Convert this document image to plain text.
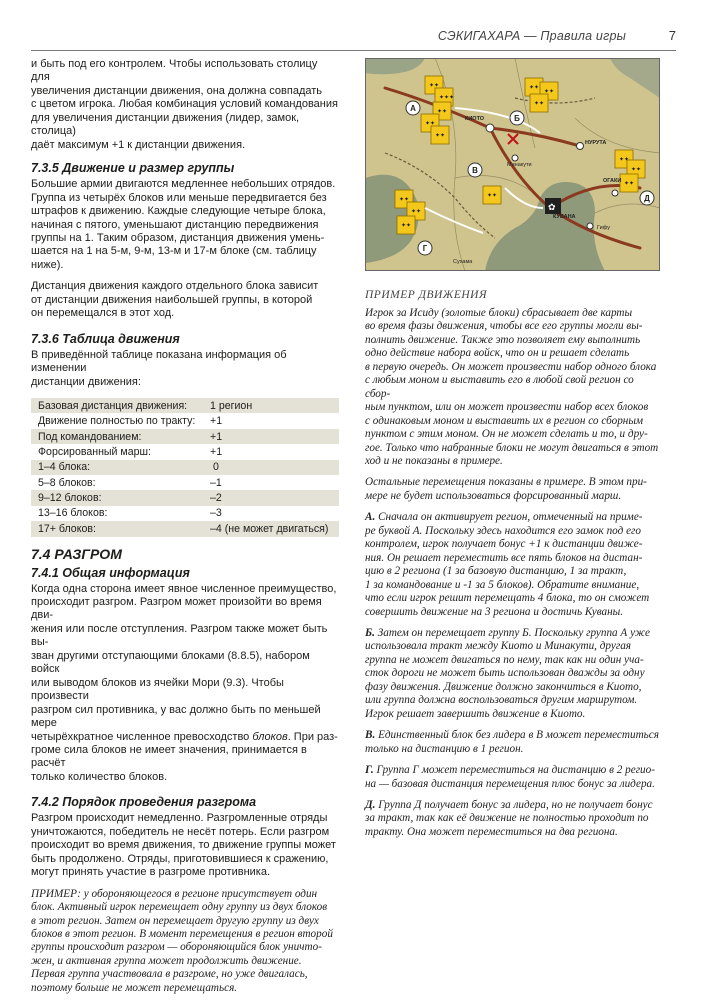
СЭКИГАХАРА — Правила игры	7

и быть под его контролем. Чтобы использовать столицу для
увеличения дистанции движения, она должна совпадать
с цветом игрока. Любая комбинация условий командования
для увеличения дистанции движения (лидер, замок, столица)
даёт максимум +1 к дистанции движения.

7.3.5 Движение и размер группы

Большие армии двигаются медленнее небольших отрядов.
Группа из четырёх блоков или меньше передвигается без
штрафов к движению. Каждые следующие четыре блока,
начиная с пятого, уменьшают дистанцию передвижения
группы на 1. Таким образом, дистанция движения умень-
шается на 1 на 5-м, 9-м, 13-м и 17-м блоке (см. таблицу
ниже).

Дистанция движения каждого отдельного блока зависит
от дистанции движения наибольшей группы, в которой
он перемещался в этот ход.

7.3.6 Таблица движения

В приведённой таблице показана информация об изменении
дистанции движения:

Базовая дистанция движения:	1 регион
Движение полностью по тракту:	+1
Под командованием:	+1
Форсированный марш:	+1
1–4 блока:	0
5–8 блоков:	–1
9–12 блоков:	–2
13–16 блоков:	–3
17+ блоков:	–4 (не может двигаться)
7.4 РАЗГРОМ
7.4.1 Общая информация

Когда одна сторона имеет явное численное преимущество,
происходит разгром. Разгром может произойти во время дви-
жения или после отступления. Разгром также может быть вы-
зван другими отступающими блоками (8.8.5), набором войск
или выводом блоков из ячейки Мори (9.3). Чтобы произвести
разгром сил противника, у вас должно быть по меньшей мере
четырёхкратное численное превосходство блоков. При раз-
громе сила блоков не имеет значения, принимается в расчёт
только количество блоков.

7.4.2 Порядок проведения разгрома

Разгром происходит немедленно. Разгромленные отряды
уничтожаются, победитель не несёт потерь. Если разгром
происходит во время движения, то движение группы может
быть продолжено. Отряды, приготовившиеся к сражению,
могут принять участие в разгроме противника.

ПРИМЕР: у обороняющегося в регионе присутствует один
блок. Активный игрок перемещает одну группу из двух блоков
в этот регион. Затем он перемещает другую группу из двух
блоков в этот регион. В момент перемещения в регион второй
группы происходит разгром — обороняющийся блок уничто-
жен, и активная группа может продолжить движение.
Первая группа участвовала в разгроме, но уже двигалась,
поэтому больше не может перемещаться.

✦✦
✦✦✦
✦✦
✦✦
✦✦
✦✦
✦✦
✦✦
✦✦
✦✦
✦✦
✦✦
✦✦
✦✦
✦✦
✿
А
Б
В
Г
Д
КИОТО
КУВАНА
НУРУТА
Минакути
ОГАКИ
Гифу
Сухама
ПРИМЕР ДВИЖЕНИЯ

Игрок за Исиду (золотые блоки) сбрасывает две карты
во время фазы движения, чтобы все его группы могли вы-
полнить движение. Также это позволяет ему выполнить
одно действие набора войск, что он и решает сделать
в первую очередь. Он может произвести набор одного блока
с любым моном и выставить его в любой свой регион со сбор-
ным пунктом, или он может произвести набор всех блоков
с одинаковым моном и выставить их в регион со сборным
пунктом с этим моном. Он не может сделать и то, и дру-
гое. Только что набранные блоки не могут двигаться в этот
ход и не показаны в примере.

Остальные перемещения показаны в примере. В этом при-
мере не будет использоваться форсированный марш.

А. Сначала он активирует регион, отмеченный на приме-
ре буквой А. Поскольку здесь находится его замок под его
контролем, игрок получает бонус +1 к дистанции движе-
ния. Он решает переместить все пять блоков на дистан-
цию в 2 региона (1 за базовую дистанцию, 1 за тракт,
1 за командование и -1 за 5 блоков). Обратите внимание,
что если игрок решит перемещать 4 блока, то он сможет
совершить движение на 3 региона и достичь Куваны.

Б. Затем он перемещает группу Б. Поскольку группа А уже
использовала тракт между Киото и Минакути, другая
группа не может двигаться по нему, так как ни один уча-
сток дороги не может быть использован дважды за одну
фазу движения. Движение должно закончиться в Киото,
или группа должна воспользоваться другим маршрутом.
Игрок решает завершить движение в Киото.

В. Единственный блок без лидера в В может переместиться
только на дистанцию в 1 регион.

Г. Группа Г может переместиться на дистанцию в 2 регио-
на — базовая дистанция перемещения плюс бонус за лидера.

Д. Группа Д получает бонус за лидера, но не получает бонус
за тракт, так как её движение не полностью проходит по
тракту. Она может переместиться на два региона.
